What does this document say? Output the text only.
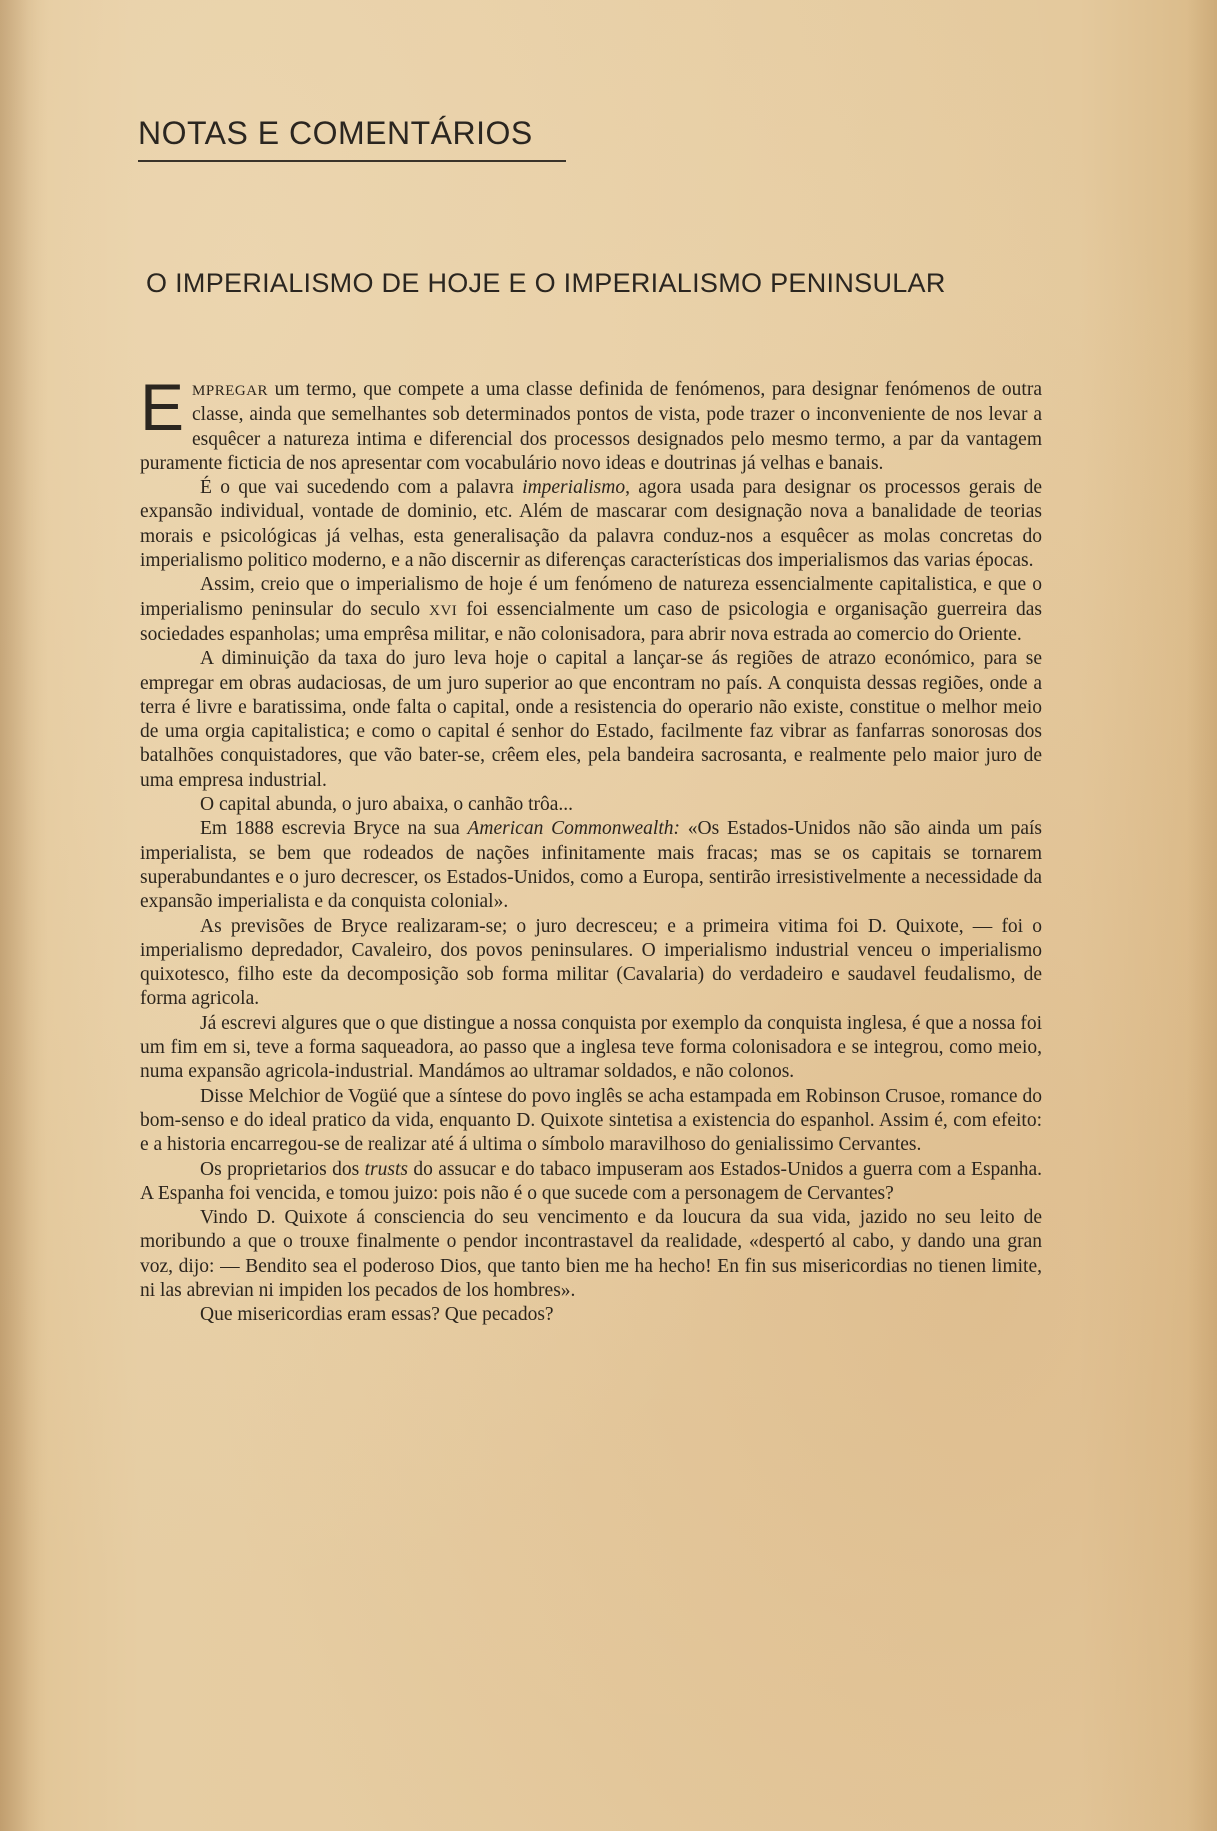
NOTAS E COMENTÁRIOS
O IMPERIALISMO DE HOJE E O IMPERIALISMO PENINSULAR

EMPREGAR um termo, que compete a uma classe definida de fenómenos, para designar fenómenos de outra classe, ainda que semelhantes sob determinados pontos de vista, pode trazer o inconveniente de nos levar a esquêcer a natureza intima e diferencial dos processos designados pelo mesmo termo, a par da vantagem puramente ficticia de nos apresentar com vocabulário novo ideas e doutrinas já velhas e banais.

É o que vai sucedendo com a palavra imperialismo, agora usada para designar os processos gerais de expansão individual, vontade de dominio, etc. Além de mascarar com designação nova a banalidade de teorias morais e psicológicas já velhas, esta generalisação da palavra conduz-nos a esquêcer as molas concretas do imperialismo politico moderno, e a não discernir as diferenças características dos imperialismos das varias épocas.

Assim, creio que o imperialismo de hoje é um fenómeno de natureza essencialmente capitalistica, e que o imperialismo peninsular do seculo XVI foi essencialmente um caso de psicologia e organisação guerreira das sociedades espanholas; uma emprêsa militar, e não colonisadora, para abrir nova estrada ao comercio do Oriente.

A diminuição da taxa do juro leva hoje o capital a lançar-se ás regiões de atrazo económico, para se empregar em obras audaciosas, de um juro superior ao que encontram no país. A conquista dessas regiões, onde a terra é livre e baratissima, onde falta o capital, onde a resistencia do operario não existe, constitue o melhor meio de uma orgia capitalistica; e como o capital é senhor do Estado, facilmente faz vibrar as fanfarras sonorosas dos batalhões conquistadores, que vão bater-se, crêem eles, pela bandeira sacrosanta, e realmente pelo maior juro de uma empresa industrial.

O capital abunda, o juro abaixa, o canhão trôa...

Em 1888 escrevia Bryce na sua American Commonwealth: «Os Estados-Unidos não são ainda um país imperialista, se bem que rodeados de nações infinitamente mais fracas; mas se os capitais se tornarem superabundantes e o juro decrescer, os Estados-Unidos, como a Europa, sentirão irresistivelmente a necessidade da expansão imperialista e da conquista colonial».

As previsões de Bryce realizaram-se; o juro decresceu; e a primeira vitima foi D. Quixote, — foi o imperialismo depredador, Cavaleiro, dos povos peninsulares. O imperialismo industrial venceu o imperialismo quixotesco, filho este da decomposição sob forma militar (Cavalaria) do verdadeiro e saudavel feudalismo, de forma agricola.

Já escrevi algures que o que distingue a nossa conquista por exemplo da conquista inglesa, é que a nossa foi um fim em si, teve a forma saqueadora, ao passo que a inglesa teve forma colonisadora e se integrou, como meio, numa expansão agricola-industrial. Mandámos ao ultramar soldados, e não colonos.

Disse Melchior de Vogüé que a síntese do povo inglês se acha estampada em Robinson Crusoe, romance do bom-senso e do ideal pratico da vida, enquanto D. Quixote sintetisa a existencia do espanhol. Assim é, com efeito: e a historia encarregou-se de realizar até á ultima o símbolo maravilhoso do genialissimo Cervantes.

Os proprietarios dos trusts do assucar e do tabaco impuseram aos Estados-Unidos a guerra com a Espanha. A Espanha foi vencida, e tomou juizo: pois não é o que sucede com a personagem de Cervantes?

Vindo D. Quixote á consciencia do seu vencimento e da loucura da sua vida, jazido no seu leito de moribundo a que o trouxe finalmente o pendor incontrastavel da realidade, «despertó al cabo, y dando una gran voz, dijo: — Bendito sea el poderoso Dios, que tanto bien me ha hecho! En fin sus misericordias no tienen limite, ni las abrevian ni impiden los pecados de los hombres».

Que misericordias eram essas? Que pecados?
